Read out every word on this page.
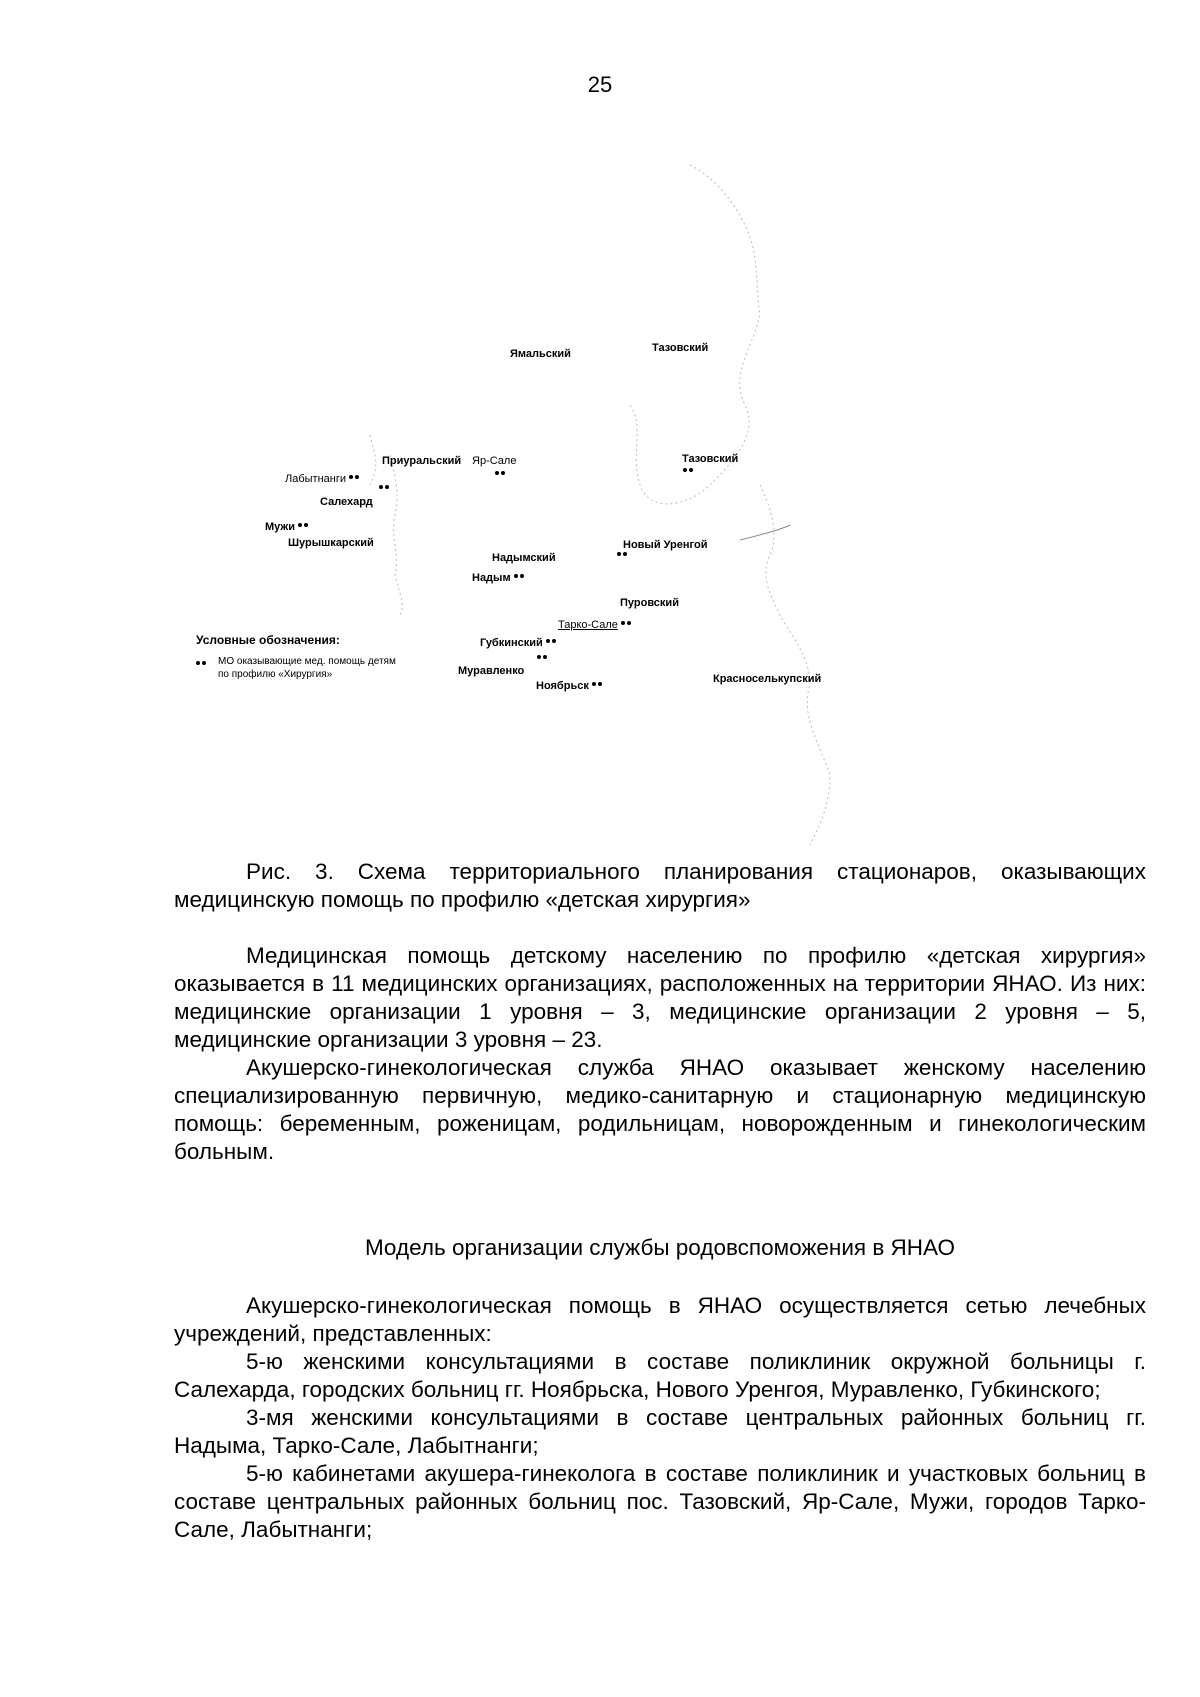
25
Ямальский	Тазовский
Приуральский	Тазовский
Шурышкарский
Надымский
Пуровский
Красноселькупский
Яр-Сале
Лабытнанги
Салехард
Мужи
Новый Уренгой
Надым
Тарко-Сале
Губкинский
Муравленко
Ноябрьск
Условные обозначения:
МО оказывающие мед. помощь детям по профилю «Хирургия»

Рис. 3. Схема территориального планирования стационаров, оказывающих медицинскую помощь по профилю «детская хирургия»

Медицинская помощь детскому населению по профилю «детская хирургия» оказывается в 11 медицинских организациях, расположенных на территории ЯНАО. Из них: медицинские организации 1 уровня – 3, медицинские организации 2 уровня – 5, медицинские организации 3 уровня – 23.

Акушерско-гинекологическая служба ЯНАО оказывает женскому населению специализированную первичную, медико-санитарную и стационарную медицинскую помощь: беременным, роженицам, родильницам, новорожденным и гинекологическим больным.

Модель организации службы родовспоможения в ЯНАО

Акушерско-гинекологическая помощь в ЯНАО осуществляется сетью лечебных учреждений, представленных:

5-ю женскими консультациями в составе поликлиник окружной больницы г. Салехарда, городских больниц гг. Ноябрьска, Нового Уренгоя, Муравленко, Губкинского;

3-мя женскими консультациями в составе центральных районных больниц гг. Надыма, Тарко-Сале, Лабытнанги;

5-ю кабинетами акушера-гинеколога в составе поликлиник и участковых больниц в составе центральных районных больниц пос. Тазовский, Яр-Сале, Мужи, городов Тарко-Сале, Лабытнанги;
